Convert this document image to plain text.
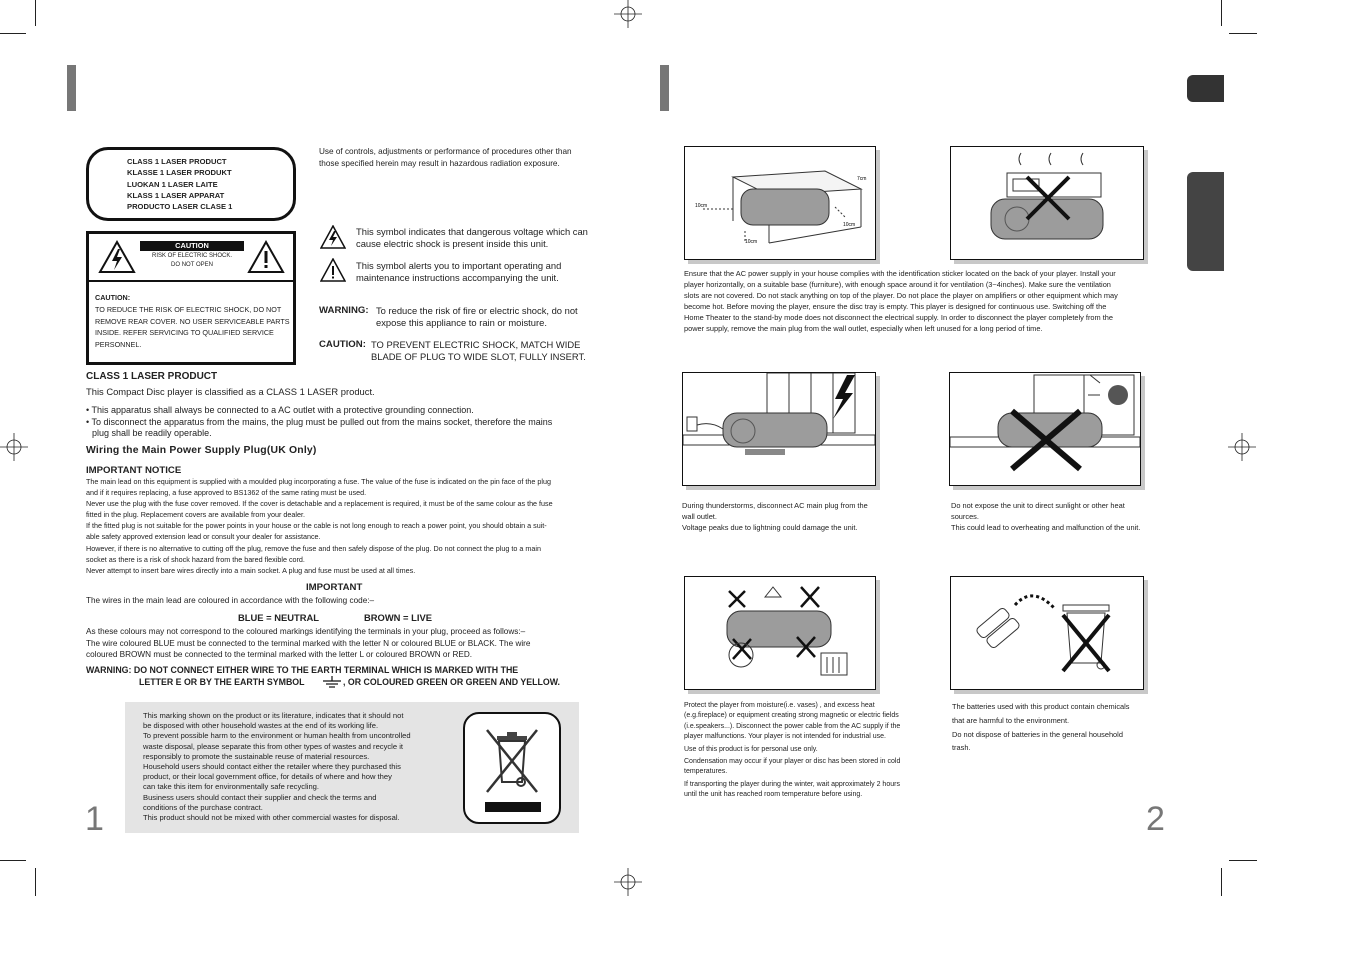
CLASS 1 LASER PRODUCT
KLASSE 1 LASER PRODUKT
LUOKAN 1 LASER LAITE
KLASS 1 LASER APPARAT
PRODUCTO LASER CLASE 1
CAUTION
RISK OF ELECTRIC SHOCK.
DO NOT OPEN
CAUTION:
TO REDUCE THE RISK OF ELECTRIC SHOCK, DO NOT REMOVE REAR COVER. NO USER SERVICEABLE PARTS INSIDE. REFER SERVICING TO QUALIFIED SERVICE PERSONNEL.
Use of controls, adjustments or performance of procedures other than those specified herein may result in hazardous radiation exposure.
This symbol indicates that dangerous voltage which can cause electric shock is present inside this unit.
This symbol alerts you to important operating and maintenance instructions accompanying the unit.
WARNING: To reduce the risk of fire or electric shock, do not
expose this appliance to rain or moisture.
CAUTION: TO PREVENT ELECTRIC SHOCK, MATCH WIDE
BLADE OF PLUG TO WIDE SLOT, FULLY INSERT.
CLASS 1 LASER PRODUCT
This Compact Disc player is classified as a CLASS 1 LASER product.
• This apparatus shall always be connected to a AC outlet with a protective grounding connection.
• To disconnect the apparatus from the mains, the plug must be pulled out from the mains socket, therefore the mains
plug shall be readily operable.
Wiring the Main Power Supply Plug(UK Only)
IMPORTANT NOTICE
The main lead on this equipment is supplied with a moulded plug incorporating a fuse. The value of the fuse is indicated on the pin face of the plug
and if it requires replacing, a fuse approved to BS1362 of the same rating must be used.
Never use the plug with the fuse cover removed. If the cover is detachable and a replacement is required, it must be of the same colour as the fuse
fitted in the plug. Replacement covers are available from your dealer.
If the fitted plug is not suitable for the power points in your house or the cable is not long enough to reach a power point, you should obtain a suit-
able safety approved extension lead or consult your dealer for assistance.
However, if there is no alternative to cutting off the plug, remove the fuse and then safely dispose of the plug. Do not connect the plug to a main
socket as there is a risk of shock hazard from the bared flexible cord.
Never attempt to insert bare wires directly into a main socket. A plug and fuse must be used at all times.
IMPORTANT
The wires in the main lead are coloured in accordance with the following code:–
BLUE = NEUTRAL	BROWN = LIVE
As these colours may not correspond to the coloured markings identifying the terminals in your plug, proceed as follows:–
The wire coloured BLUE must be connected to the terminal marked with the letter N or coloured BLUE or BLACK. The wire
coloured BROWN must be connected to the terminal marked with the letter L or coloured BROWN or RED.
WARNING: DO NOT CONNECT EITHER WIRE TO THE EARTH TERMINAL WHICH IS MARKED WITH THE
LETTER E OR BY THE EARTH SYMBOL	, OR COLOURED GREEN OR GREEN AND YELLOW.
This marking shown on the product or its literature, indicates that it should not
be disposed with other household wastes at the end of its working life.
To prevent possible harm to the environment or human health from uncontrolled
waste disposal, please separate this from other types of wastes and recycle it
responsibly to promote the sustainable reuse of material resources.
Household users should contact either the retailer where they purchased this
product, or their local government office, for details of where and how they
can take this item for environmentally safe recycling.
Business users should contact their supplier and check the terms and
conditions of the purchase contract.
This product should not be mixed with other commercial wastes for disposal.
1
7cm
10cm
10cm
10cm
Ensure that the AC power supply in your house complies with the identification sticker located on the back of your player. Install your
player horizontally, on a suitable base (furniture), with enough space around it for ventilation (3~4inches). Make sure the ventilation
slots are not covered. Do not stack anything on top of the player. Do not place the player on amplifiers or other equipment which may
become hot. Before moving the player, ensure the disc tray is empty. This player is designed for continuous use. Switching off the
Home Theater to the stand-by mode does not disconnect the electrical supply. In order to disconnect the player completely from the
power supply, remove the main plug from the wall outlet, especially when left unused for a long period of time.
During thunderstorms, disconnect AC main plug from the
wall outlet.
Voltage peaks due to lightning could damage the unit.
Do not expose the unit to direct sunlight or other heat
sources.
This could lead to overheating and malfunction of the unit.
Protect the player from moisture(i.e. vases) , and excess heat
(e.g.fireplace) or equipment creating strong magnetic or electric fields
(i.e.speakers...). Disconnect the power cable from the AC supply if the
player malfunctions. Your player is not intended for industrial use.
Use of this product is for personal use only.
Condensation may occur if your player or disc has been stored in cold
temperatures.
If transporting the player during the winter, wait approximately 2 hours
until the unit has reached room temperature before using.
The batteries used with this product contain chemicals
that are harmful to the environment.
Do not dispose of batteries in the general household
trash.
2
